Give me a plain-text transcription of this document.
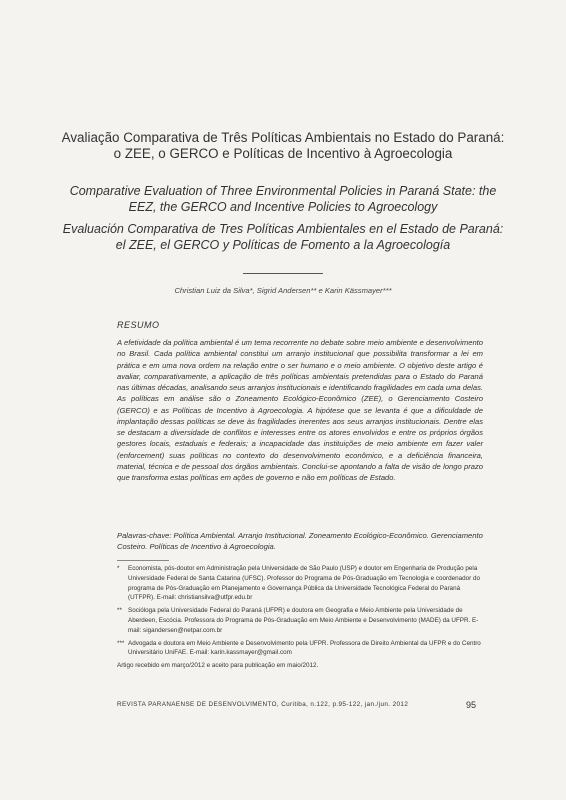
Avaliação Comparativa de Três Políticas Ambientais no Estado do Paraná: o ZEE, o GERCO e Políticas de Incentivo à Agroecologia
Comparative Evaluation of Three Environmental Policies in Paraná State: the EEZ, the GERCO and Incentive Policies to Agroecology
Evaluación Comparativa de Tres Políticas Ambientales en el Estado de Paraná: el ZEE, el GERCO y Políticas de Fomento a la Agroecología
Christian Luiz da Silva*, Sigrid Andersen** e Karin Kässmayer***
RESUMO
A efetividade da política ambiental é um tema recorrente no debate sobre meio ambiente e desenvolvimento no Brasil. Cada política ambiental constitui um arranjo institucional que possibilita transformar a lei em prática e em uma nova ordem na relação entre o ser humano e o meio ambiente. O objetivo deste artigo é avaliar, comparativamente, a aplicação de três políticas ambientais pretendidas para o Estado do Paraná nas últimas décadas, analisando seus arranjos institucionais e identificando fragilidades em cada uma delas. As políticas em análise são o Zoneamento Ecológico-Econômico (ZEE), o Gerenciamento Costeiro (GERCO) e as Políticas de Incentivo à Agroecologia. A hipótese que se levanta é que a dificuldade de implantação dessas políticas se deve às fragilidades inerentes aos seus arranjos institucionais. Dentre elas se destacam a diversidade de conflitos e interesses entre os atores envolvidos e entre os próprios órgãos gestores locais, estaduais e federais; a incapacidade das instituições de meio ambiente em fazer valer (enforcement) suas políticas no contexto do desenvolvimento econômico, e a deficiência financeira, material, técnica e de pessoal dos órgãos ambientais. Conclui-se apontando a falta de visão de longo prazo que transforma estas políticas em ações de governo e não em políticas de Estado.
Palavras-chave: Política Ambiental. Arranjo Institucional. Zoneamento Ecológico-Econômico. Gerenciamento Costeiro. Políticas de Incentivo à Agroecologia.
*	Economista, pós-doutor em Administração pela Universidade de São Paulo (USP) e doutor em Engenharia de Produção pela Universidade Federal de Santa Catarina (UFSC). Professor do Programa de Pós-Graduação em Tecnologia e coordenador do programa de Pós-Graduação em Planejamento e Governança Pública da Universidade Tecnológica Federal do Paraná (UTFPR). E-mail: christiansilva@utfpr.edu.br
** Socióloga pela Universidade Federal do Paraná (UFPR) e doutora em Geografia e Meio Ambiente pela Universidade de Aberdeen, Escócia. Professora do Programa de Pós-Graduação em Meio Ambiente e Desenvolvimento (MADE) da UFPR. E-mail: sigandersen@netpar.com.br
*** Advogada e doutora em Meio Ambiente e Desenvolvimento pela UFPR. Professora de Direito Ambiental da UFPR e do Centro Universitário UniFAE. E-mail: karin.kassmayer@gmail.com
Artigo recebido em março/2012 e aceito para publicação em maio/2012.
REVISTA PARANAENSE DE DESENVOLVIMENTO, Curitiba, n.122, p.95-122, jan./jun. 2012	95
